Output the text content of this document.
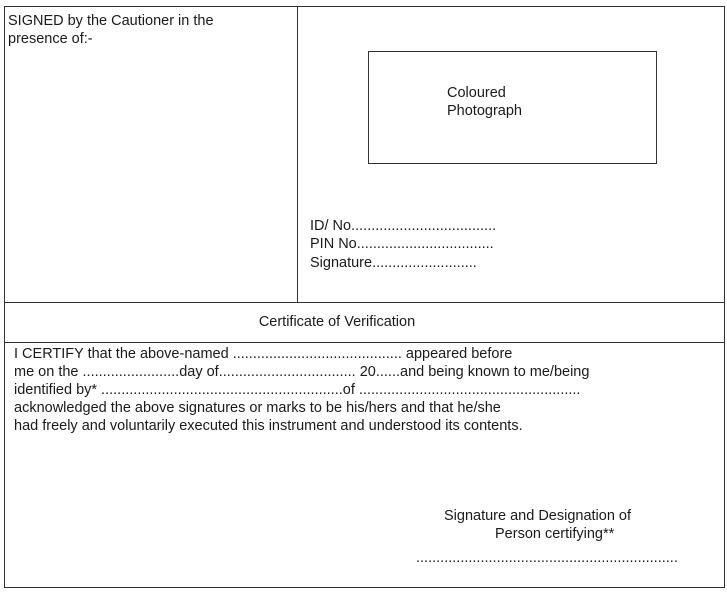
SIGNED by the Cautioner in the
presence of:-
Coloured
Photograph
ID/ No....................................
PIN No..................................
Signature..........................
Certificate of Verification
I CERTIFY that the above-named .......................................... appeared before
me on the ........................day of.................................. 20......and being known to me/being
identified by* ............................................................of .......................................................
acknowledged the above signatures or marks to be his/hers and that he/she
had freely and voluntarily executed this instrument and understood its contents.
Signature and Designation of
Person certifying**
.................................................................
